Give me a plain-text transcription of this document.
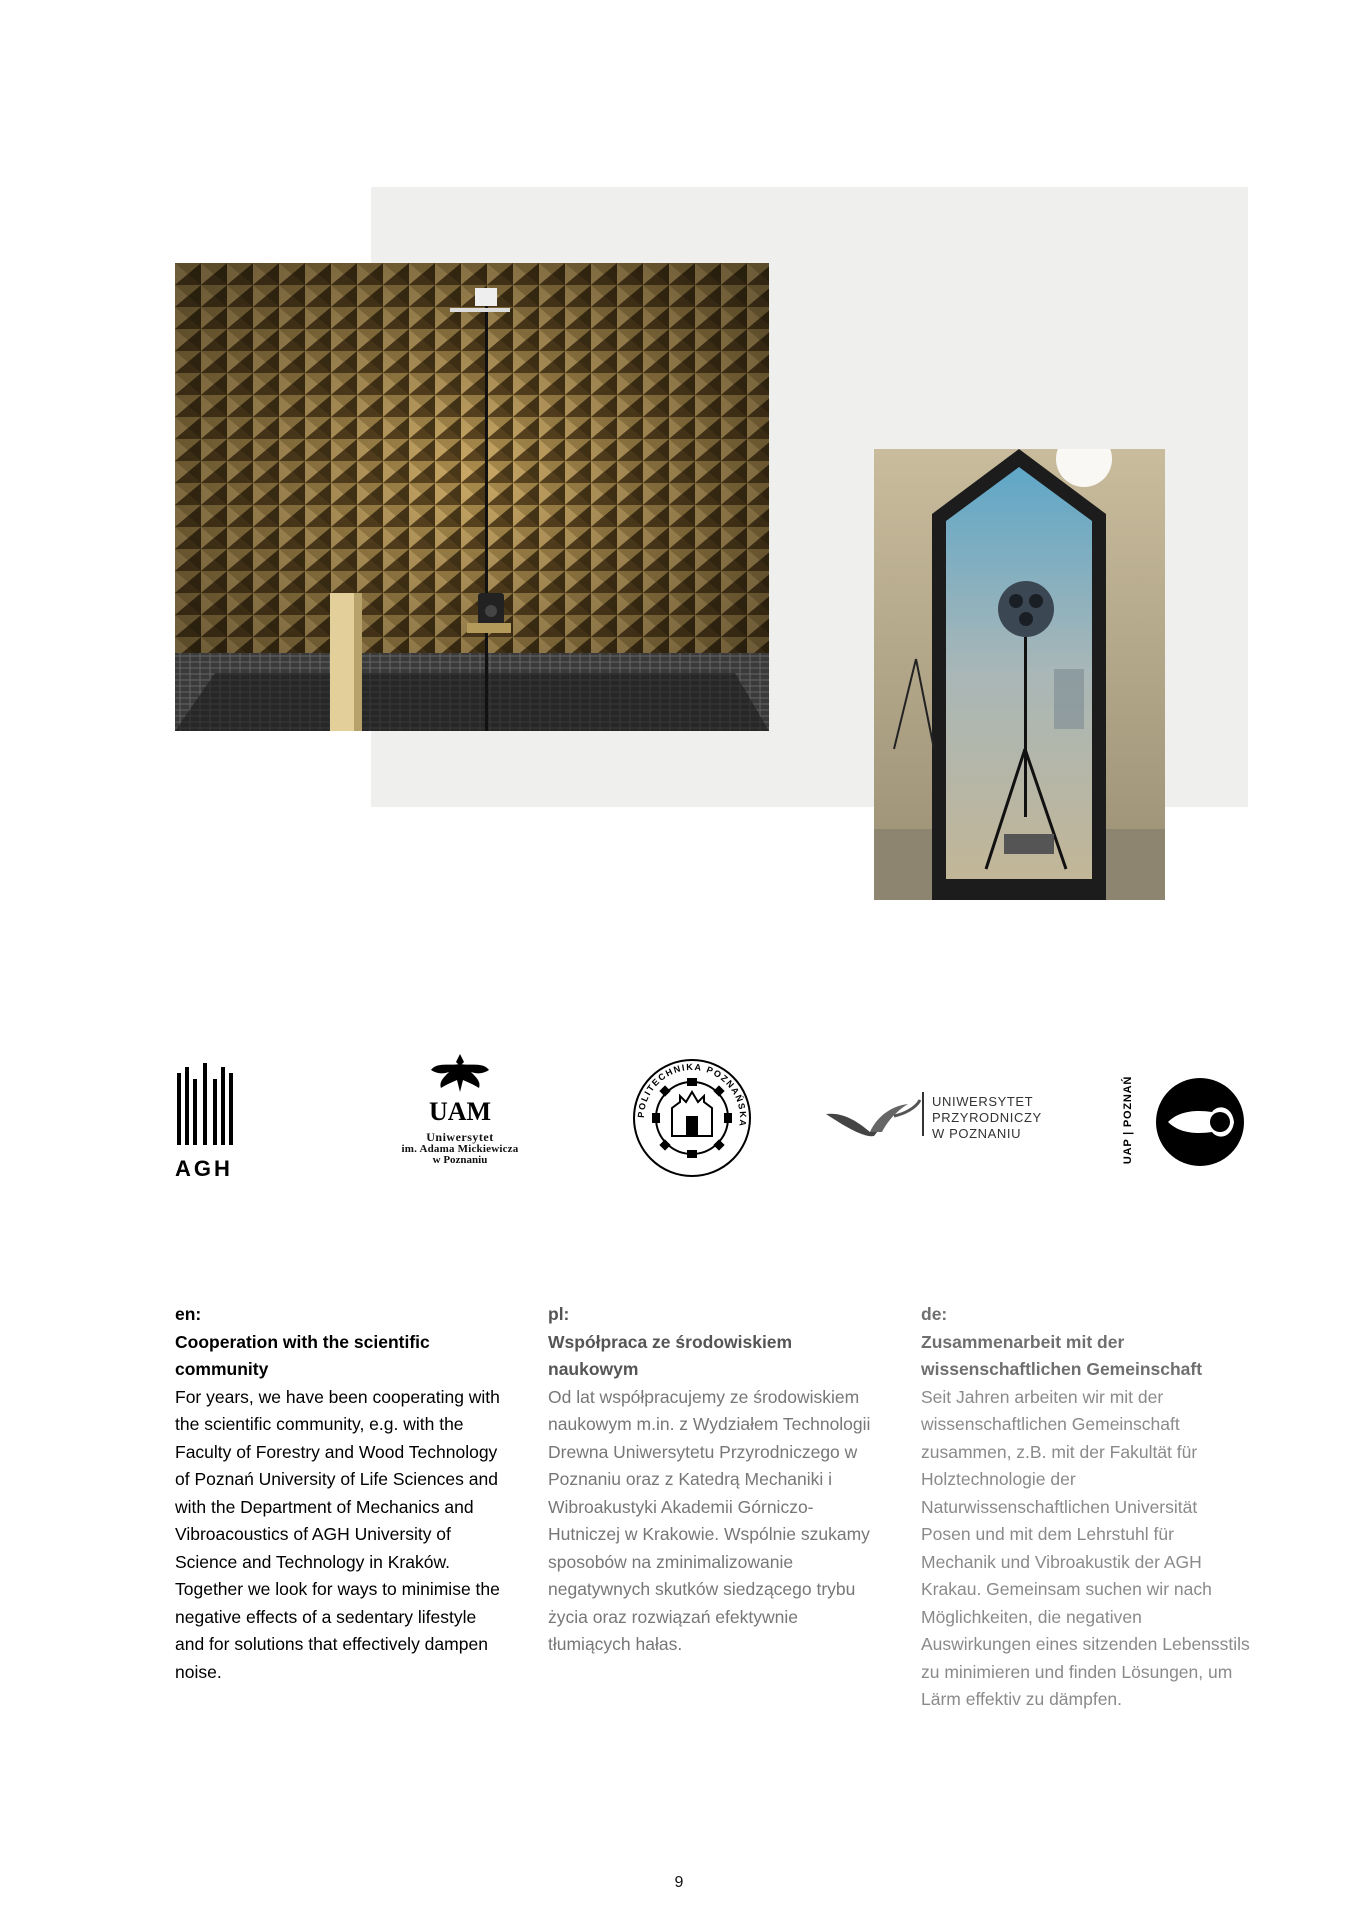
AGH
UAM
Uniwersytet
im. Adama Mickiewicza
w Poznaniu
POLITECHNIKA POZNAŃSKA
UNIWERSYTET
PRZYRODNICZY
W POZNANIU	UAP | POZNAŃ

en:

Cooperation with the scientific community

For years, we have been cooperating with the scientific community, e.g. with the Faculty of Forestry and Wood Technology of Poznań University of Life Sciences and with the Department of Mechanics and Vibroacoustics of AGH University of Science and Technology in Kraków. Together we look for ways to minimise the negative effects of a sedentary lifestyle and for solutions that effectively dampen noise.

pl:

Współpraca ze środowiskiem naukowym

Od lat współpracujemy ze środowiskiem naukowym m.in. z Wydziałem Technologii Drewna Uniwersytetu Przyrodniczego w Poznaniu oraz z Katedrą Mechaniki i Wibroakustyki Akademii Górniczo-Hutniczej w Krakowie. Wspólnie szukamy sposobów na zminimalizowanie negatywnych skutków siedzącego trybu życia oraz rozwiązań efektywnie tłumiących hałas.

de:

Zusammenarbeit mit der wissenschaftlichen Gemeinschaft

Seit Jahren arbeiten wir mit der wissenschaftlichen Gemeinschaft zusammen, z.B. mit der Fakultät für Holztechnologie der Naturwissenschaftlichen Universität Posen und mit dem Lehrstuhl für Mechanik und Vibroakustik der AGH Krakau. Gemeinsam suchen wir nach Möglichkeiten, die negativen Auswirkungen eines sitzenden Lebensstils zu minimieren und finden Lösungen, um Lärm effektiv zu dämpfen.

9
